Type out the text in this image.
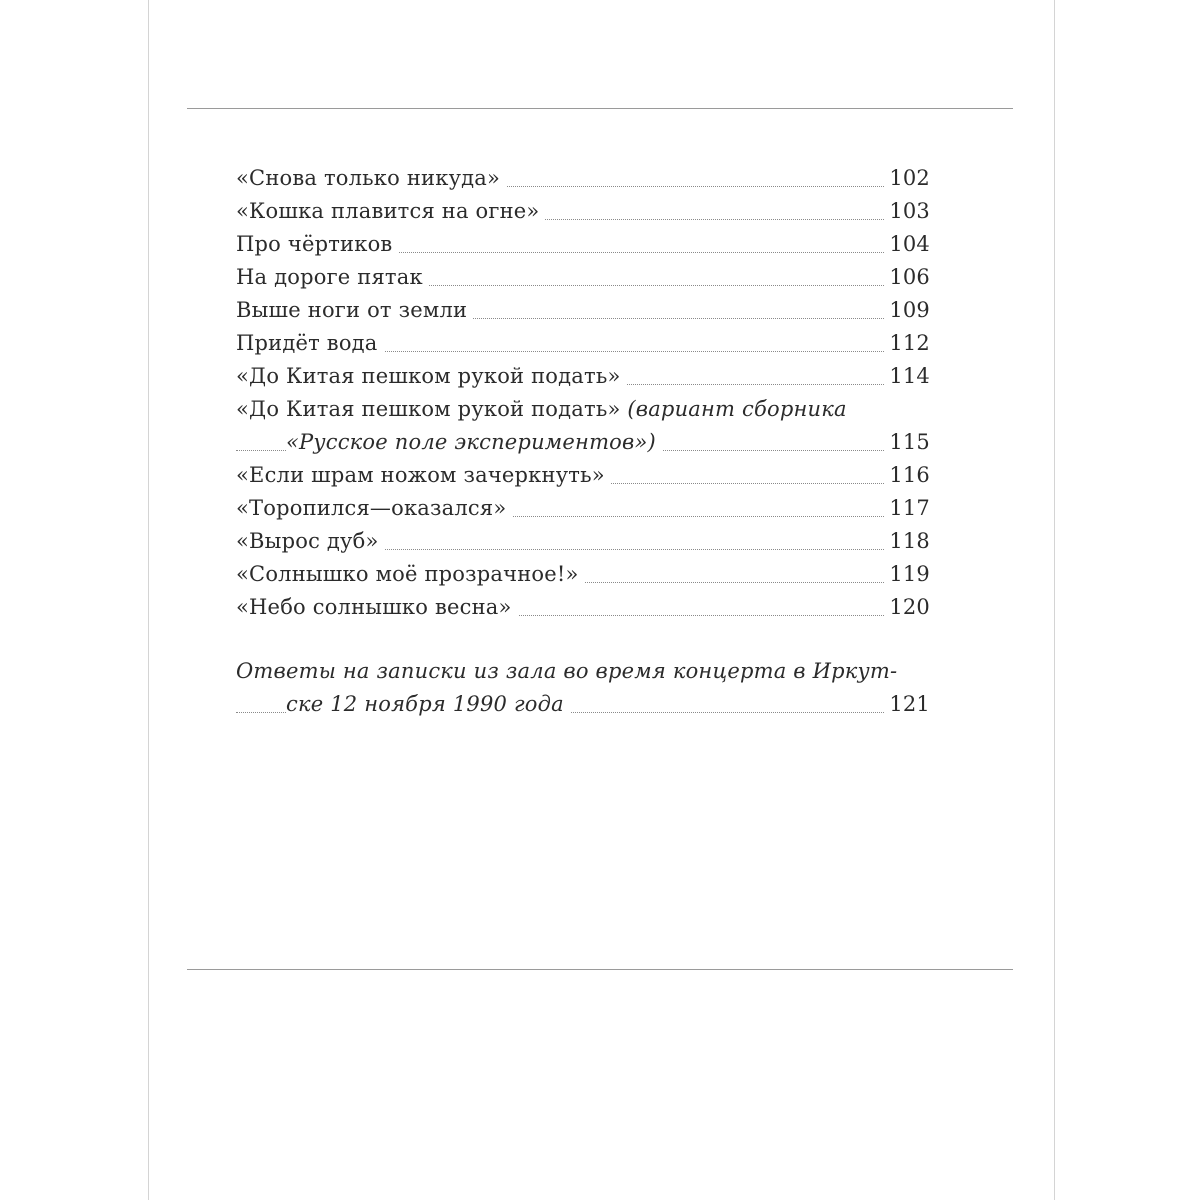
«Снова только никуда»	102
«Кошка плавится на огне»	103
Про чёртиков	104
На дороге пятак	106
Выше ноги от земли	109
Придёт вода	112
«До Китая пешком рукой подать»	114
«До Китая пешком рукой подать» (вариант сборника
«Русское поле экспериментов»)	115
«Если шрам ножом зачеркнуть»	116
«Торопился—оказался»	117
«Вырос дуб»	118
«Солнышко моё прозрачное!»	119
«Небо солнышко весна»	120
Ответы на записки из зала во время концерта в Иркут-
ске 12 ноября 1990 года	121
